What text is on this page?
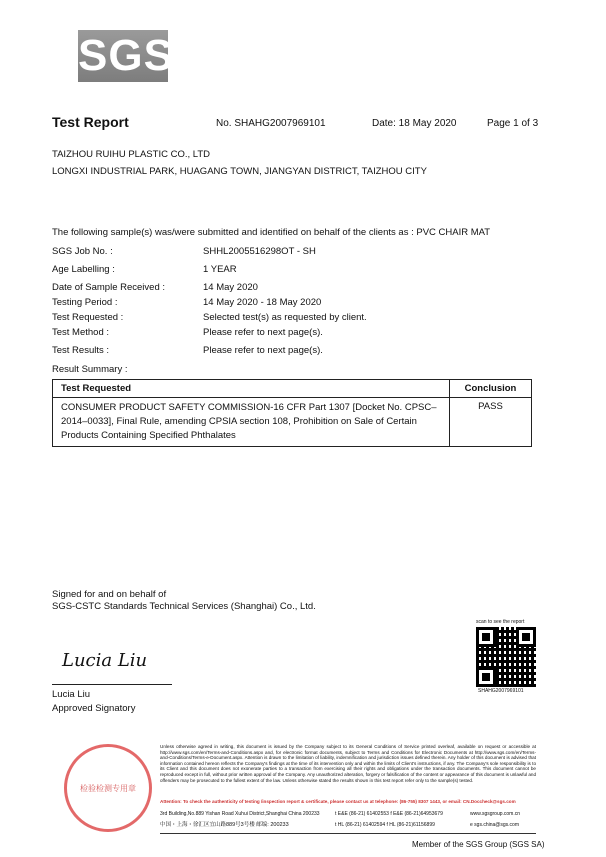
SGS
Test Report	No. SHAHG2007969101	Date: 18 May 2020	Page 1 of 3
TAIZHOU RUIHU PLASTIC CO., LTD
LONGXI INDUSTRIAL PARK, HUAGANG TOWN, JIANGYAN DISTRICT, TAIZHOU CITY
The following sample(s) was/were submitted and identified on behalf of the clients as : PVC CHAIR MAT
SGS Job No. :	SHHL2005516298OT - SH
Age Labelling :	1 YEAR
Date of Sample Received :	14 May 2020
Testing Period :	14 May 2020 - 18 May 2020
Test Requested :	Selected test(s) as requested by client.
Test Method :	Please refer to next page(s).
Test Results :	Please refer to next page(s).
Result Summary :
Test Requested	Conclusion
CONSUMER PRODUCT SAFETY COMMISSION-16 CFR Part 1307 [Docket No. CPSC–2014–0033], Final Rule, amending CPSIA section 108, Prohibition on Sale of Certain Products Containing Specified Phthalates	PASS
Signed for and on behalf of
SGS-CSTC Standards Technical Services (Shanghai) Co., Ltd.
Lucia Liu
Lucia Liu
Approved Signatory
scan to see the report
SHAHG2007969101
检验检测专用章
Unless otherwise agreed in writing, this document is issued by the Company subject to its General Conditions of Service printed overleaf, available on request or accessible at http://www.sgs.com/en/Terms-and-Conditions.aspx and, for electronic format documents, subject to Terms and Conditions for Electronic Documents at http://www.sgs.com/en/Terms-and-Conditions/Terms-e-Document.aspx. Attention is drawn to the limitation of liability, indemnification and jurisdiction issues defined therein. Any holder of this document is advised that information contained hereon reflects the Company's findings at the time of its intervention only and within the limits of Client's instructions, if any. The Company's sole responsibility is to its Client and this document does not exonerate parties to a transaction from exercising all their rights and obligations under the transaction documents. This document cannot be reproduced except in full, without prior written approval of the Company. Any unauthorized alteration, forgery or falsification of the content or appearance of this document is unlawful and offenders may be prosecuted to the fullest extent of the law. Unless otherwise stated the results shown in this test report refer only to the sample(s) tested.
Attention: To check the authenticity of testing /inspection report & certificate, please contact us at telephone: (86-755) 8307 1443, or email: CN.Doccheck@sgs.com
3rd Building,No.889 Yishan Road Xuhui District,Shanghai China 200233
中国・上海・徐汇区宜山路889号3号楼 邮编: 200233
t E&E (86-21) 61402553 f E&E (86-21)64953679
t HL (86-21) 61402594 f HL (86-21)61156899
www.sgsgroup.com.cn
e sgs.china@sgs.com
Member of the SGS Group (SGS SA)
